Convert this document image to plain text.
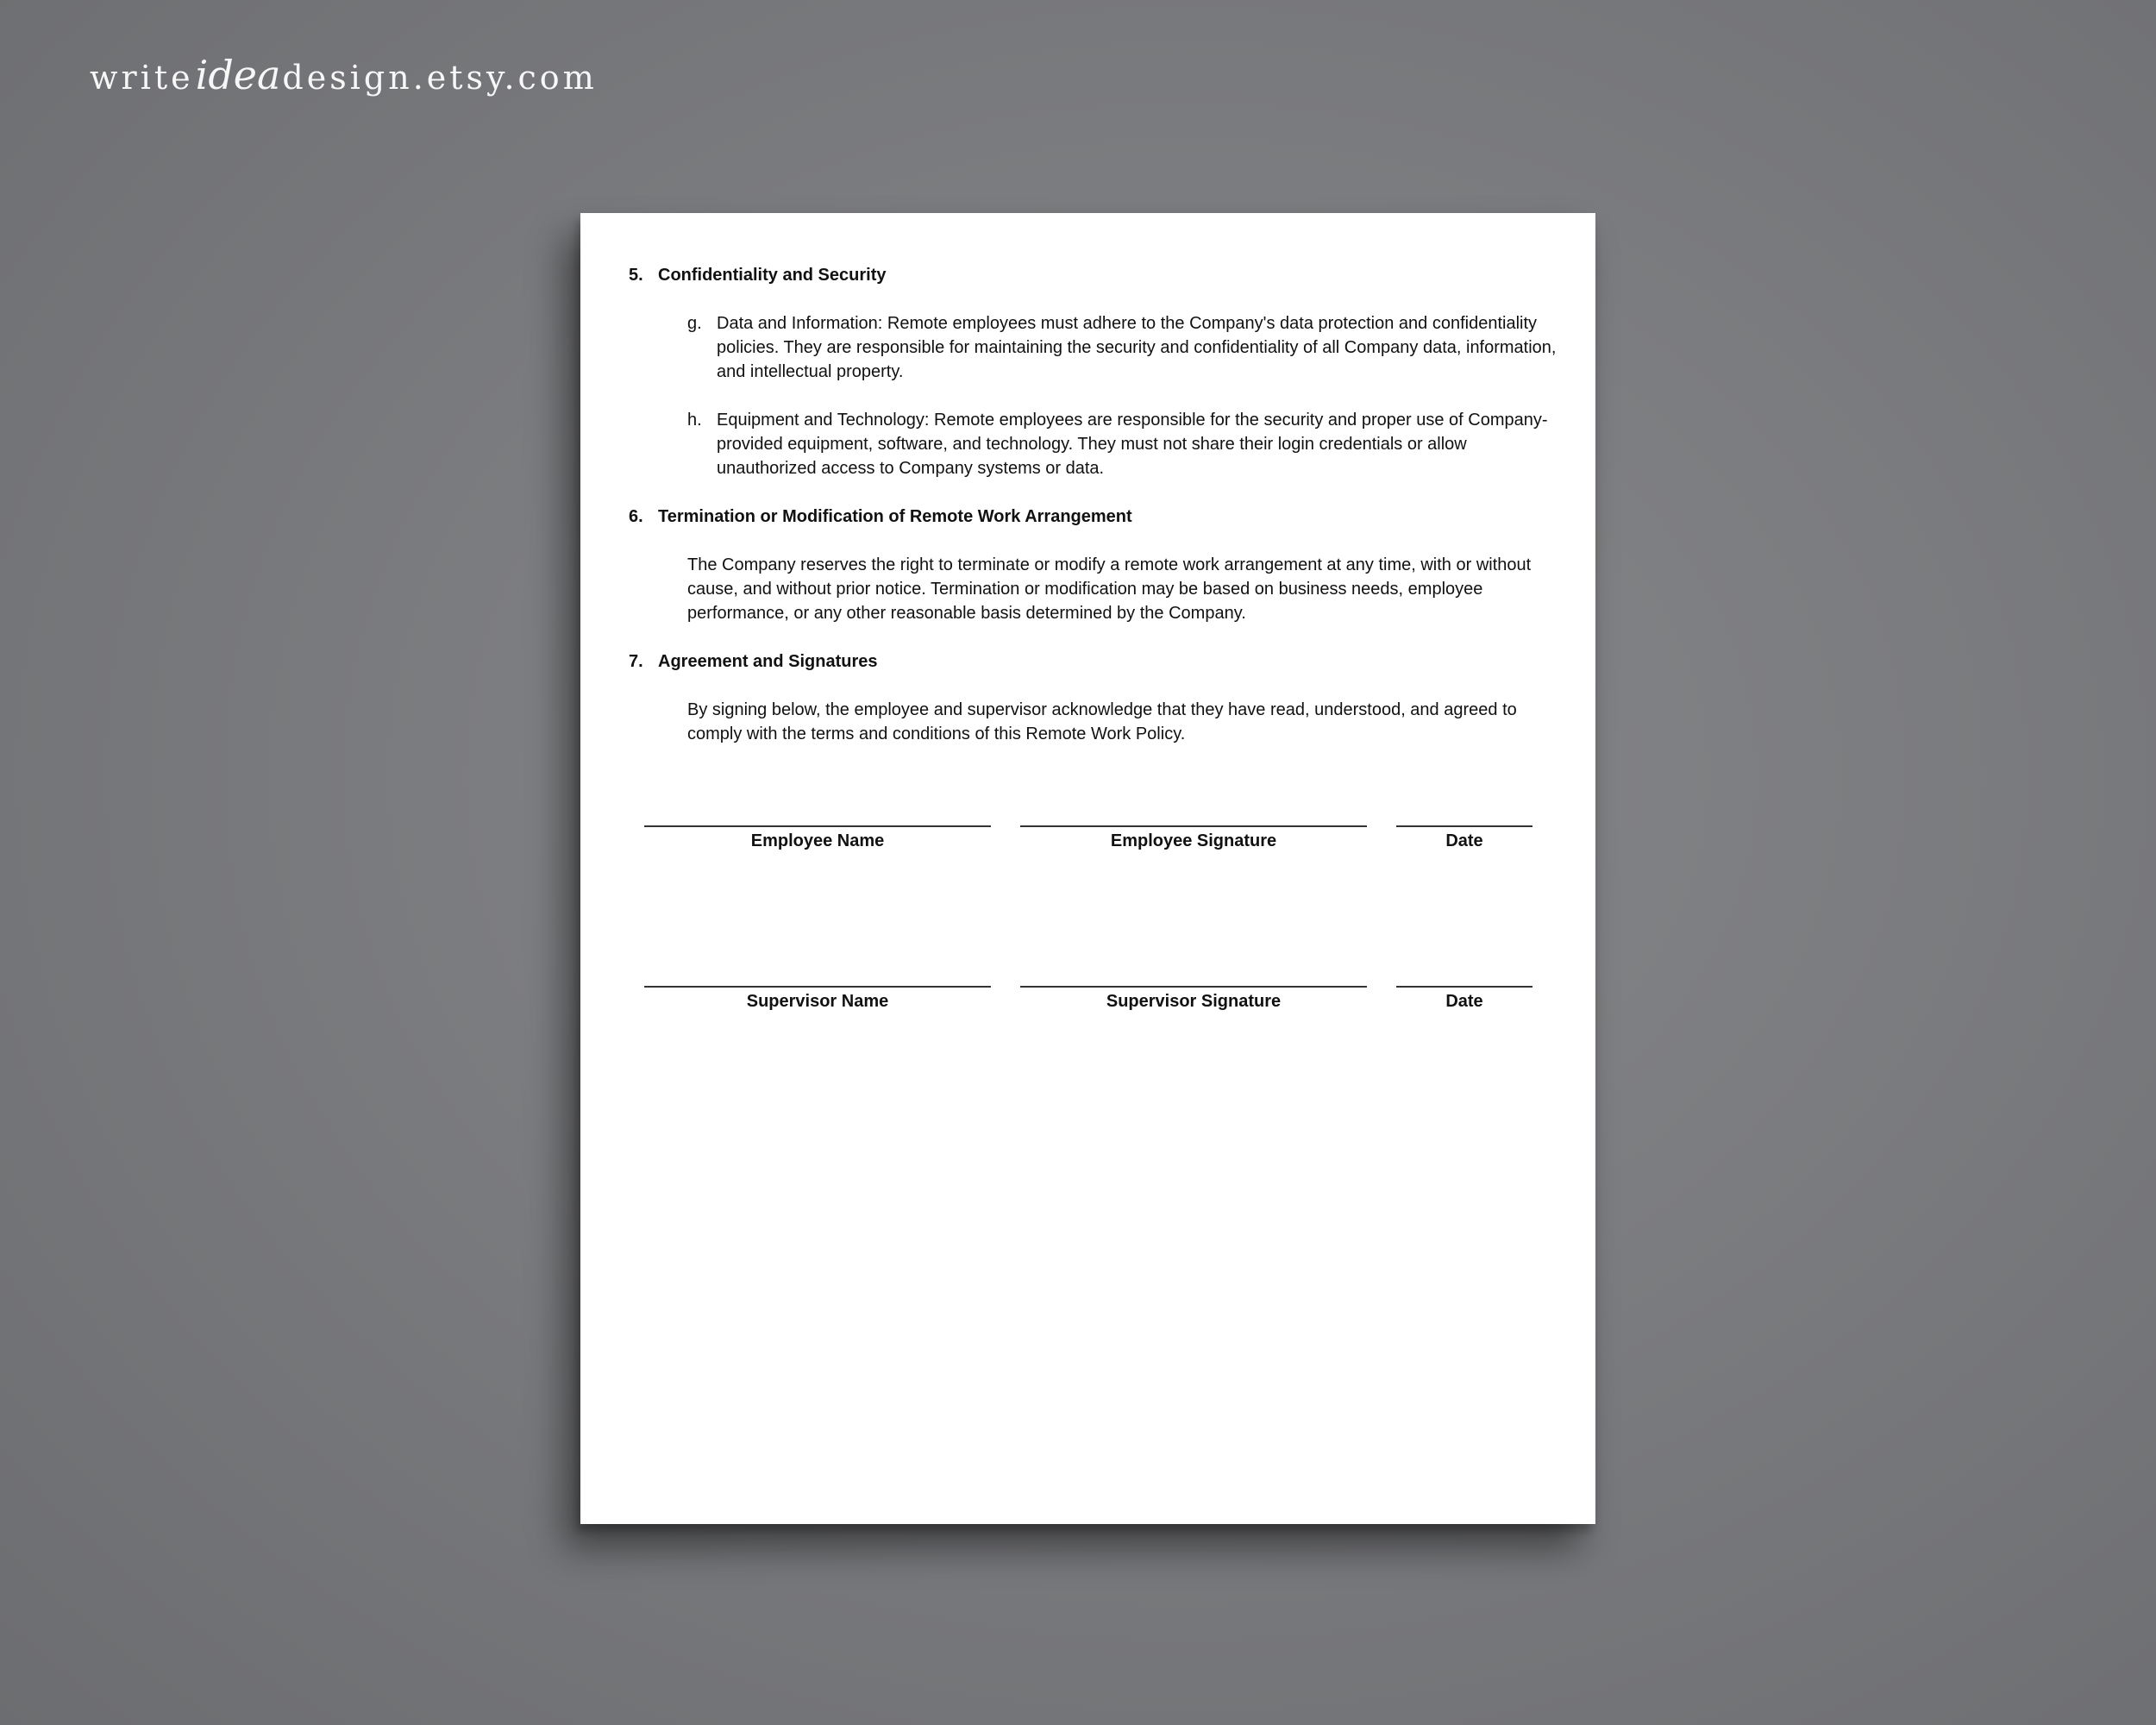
writeideadesign.etsy.com
5. Confidentiality and Security
g. Data and Information: Remote employees must adhere to the Company's data protection and confidentiality policies. They are responsible for maintaining the security and confidentiality of all Company data, information, and intellectual property.
h. Equipment and Technology: Remote employees are responsible for the security and proper use of Company-provided equipment, software, and technology. They must not share their login credentials or allow unauthorized access to Company systems or data.
6. Termination or Modification of Remote Work Arrangement
The Company reserves the right to terminate or modify a remote work arrangement at any time, with or without cause, and without prior notice. Termination or modification may be based on business needs, employee performance, or any other reasonable basis determined by the Company.
7. Agreement and Signatures
By signing below, the employee and supervisor acknowledge that they have read, understood, and agreed to comply with the terms and conditions of this Remote Work Policy.
Employee Name	Employee Signature	Date
Supervisor Name	Supervisor Signature	Date
